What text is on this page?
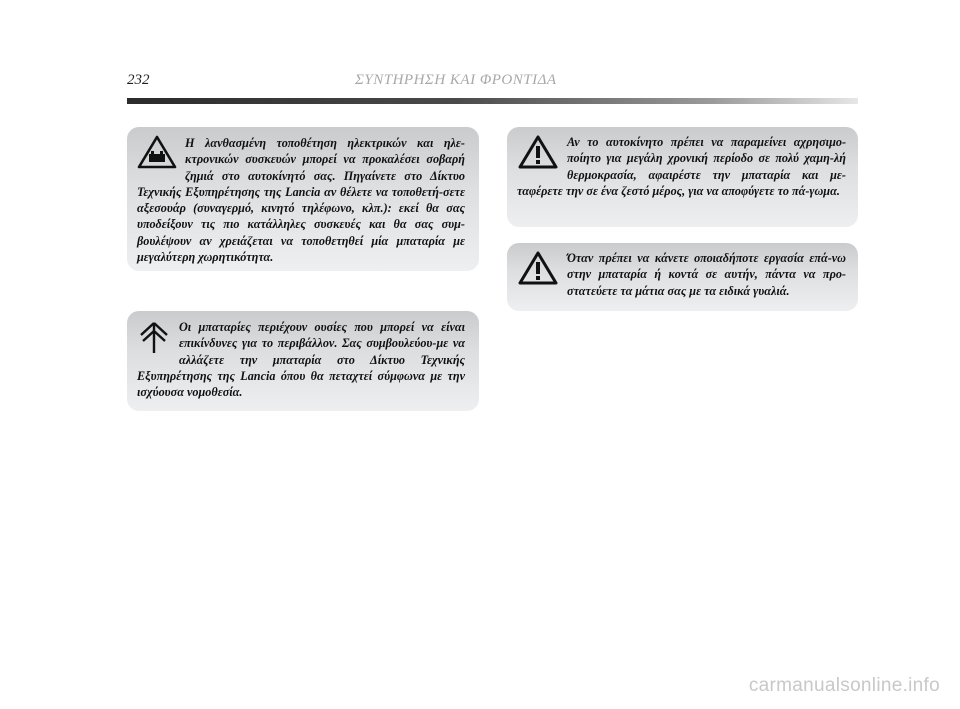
232	ΣΥΝΤΗΡΗΣΗ ΚΑΙ ΦΡΟΝΤΙΔΑ

Η λανθασμένη τοποθέτηση ηλεκτρικών και ηλε-κτρονικών συσκευών μπορεί να προκαλέσει σοβαρή ζημιά στο αυτοκίνητό σας. Πηγαίνετε στο Δίκτυο Τεχνικής Εξυπηρέτησης της Lancia αν θέλετε να τοποθετή-σετε αξεσουάρ (συναγερμό, κινητό τηλέφωνο, κλπ.): εκεί θα σας υποδείξουν τις πιο κατάλληλες συσκευές και θα σας συμ-βουλέψουν αν χρειάζεται να τοποθετηθεί μία μπαταρία με μεγαλύτερη χωρητικότητα.

Οι μπαταρίες περιέχουν ουσίες που μπορεί να είναι επικίνδυνες για το περιβάλλον. Σας συμβουλεύου-με να αλλάζετε την μπαταρία στο Δίκτυο Τεχνικής Εξυπηρέτησης της Lancia όπου θα πεταχτεί σύμφωνα με την ισχύουσα νομοθεσία.

Αν το αυτοκίνητο πρέπει να παραμείνει αχρησιμο-ποίητο για μεγάλη χρονική περίοδο σε πολύ χαμη-λή θερμοκρασία, αφαιρέστε την μπαταρία και με-ταφέρετε την σε ένα ζεστό μέρος, για να αποφύγετε το πά-γωμα.

Όταν πρέπει να κάνετε οποιαδήποτε εργασία επά-νω στην μπαταρία ή κοντά σε αυτήν, πάντα να προ-στατεύετε τα μάτια σας με τα ειδικά γυαλιά.

carmanualsonline.info
